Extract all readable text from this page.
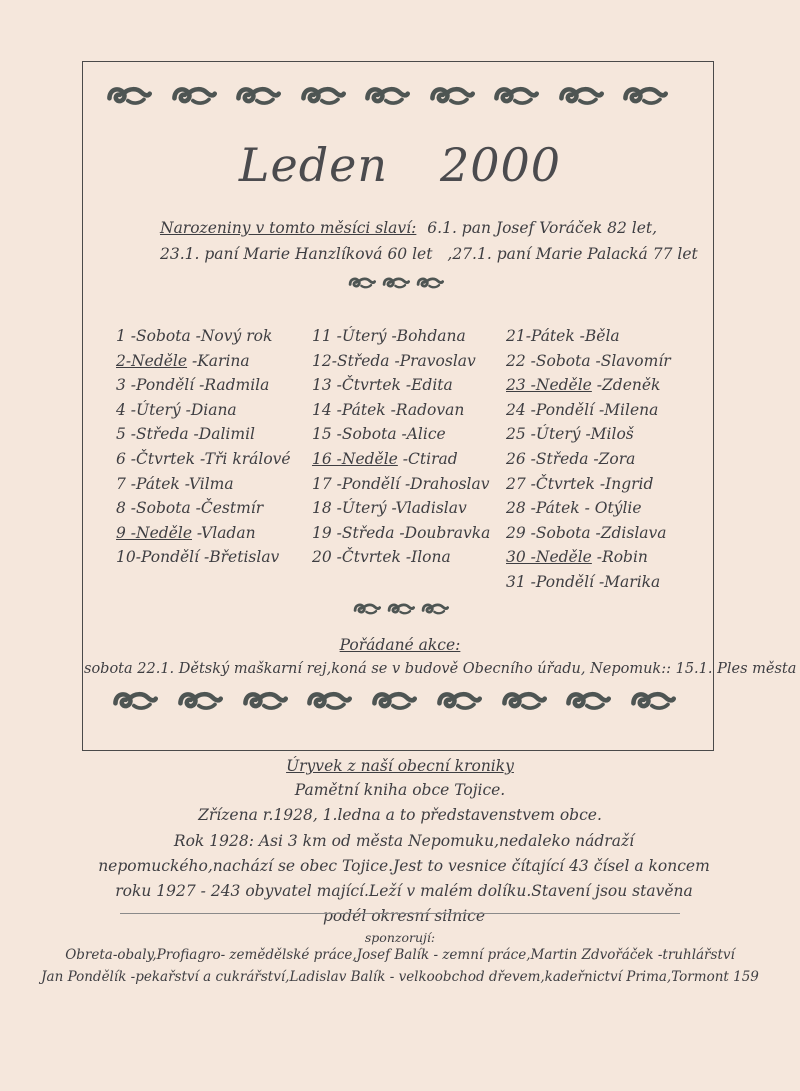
Leden 2000
Narozeniny v tomto měsíci slaví: 6.1. pan Josef Voráček 82 let,
23.1. paní Marie Hanzlíková 60 let ,27.1. paní Marie Palacká 77 let
1 -Sobota -Nový rok
2-Neděle -Karina
3 -Pondělí -Radmila
4 -Úterý -Diana
5 -Středa -Dalimil
6 -Čtvrtek -Tři králové
7 -Pátek -Vilma
8 -Sobota -Čestmír
9 -Neděle -Vladan
10-Pondělí -Břetislav
11 -Úterý -Bohdana
12-Středa -Pravoslav
13 -Čtvrtek -Edita
14 -Pátek -Radovan
15 -Sobota -Alice
16 -Neděle -Ctirad
17 -Pondělí -Drahoslav
18 -Úterý -Vladislav
19 -Středa -Doubravka
20 -Čtvrtek -Ilona
21-Pátek -Běla
22 -Sobota -Slavomír
23 -Neděle -Zdeněk
24 -Pondělí -Milena
25 -Úterý -Miloš
26 -Středa -Zora
27 -Čtvrtek -Ingrid
28 -Pátek - Otýlie
29 -Sobota -Zdislava
30 -Neděle -Robin
31 -Pondělí -Marika
Pořádané akce:
sobota 22.1. Dětský maškarní rej,koná se v budově Obecního úřadu, Nepomuk:: 15.1. Ples města
Úryvek z naší obecní kroniky
Pamětní kniha obce Tojice.
Zřízena r.1928, 1.ledna a to představenstvem obce.
Rok 1928: Asi 3 km od města Nepomuku,nedaleko nádraží nepomuckého,nachází se obec Tojice.Jest to vesnice čítající 43 čísel a koncem roku 1927 - 243 obyvatel mající.Leží v malém dolíku.Stavení jsou stavěna podél okresní silnice
sponzorují:
Obreta-obaly,Profiagro- zemědělské práce,Josef Balík - zemní práce,Martin Zdvořáček -truhlářství
Jan Pondělík -pekařství a cukrářství,Ladislav Balík - velkoobchod dřevem,kadeřnictví Prima,Tormont 159
